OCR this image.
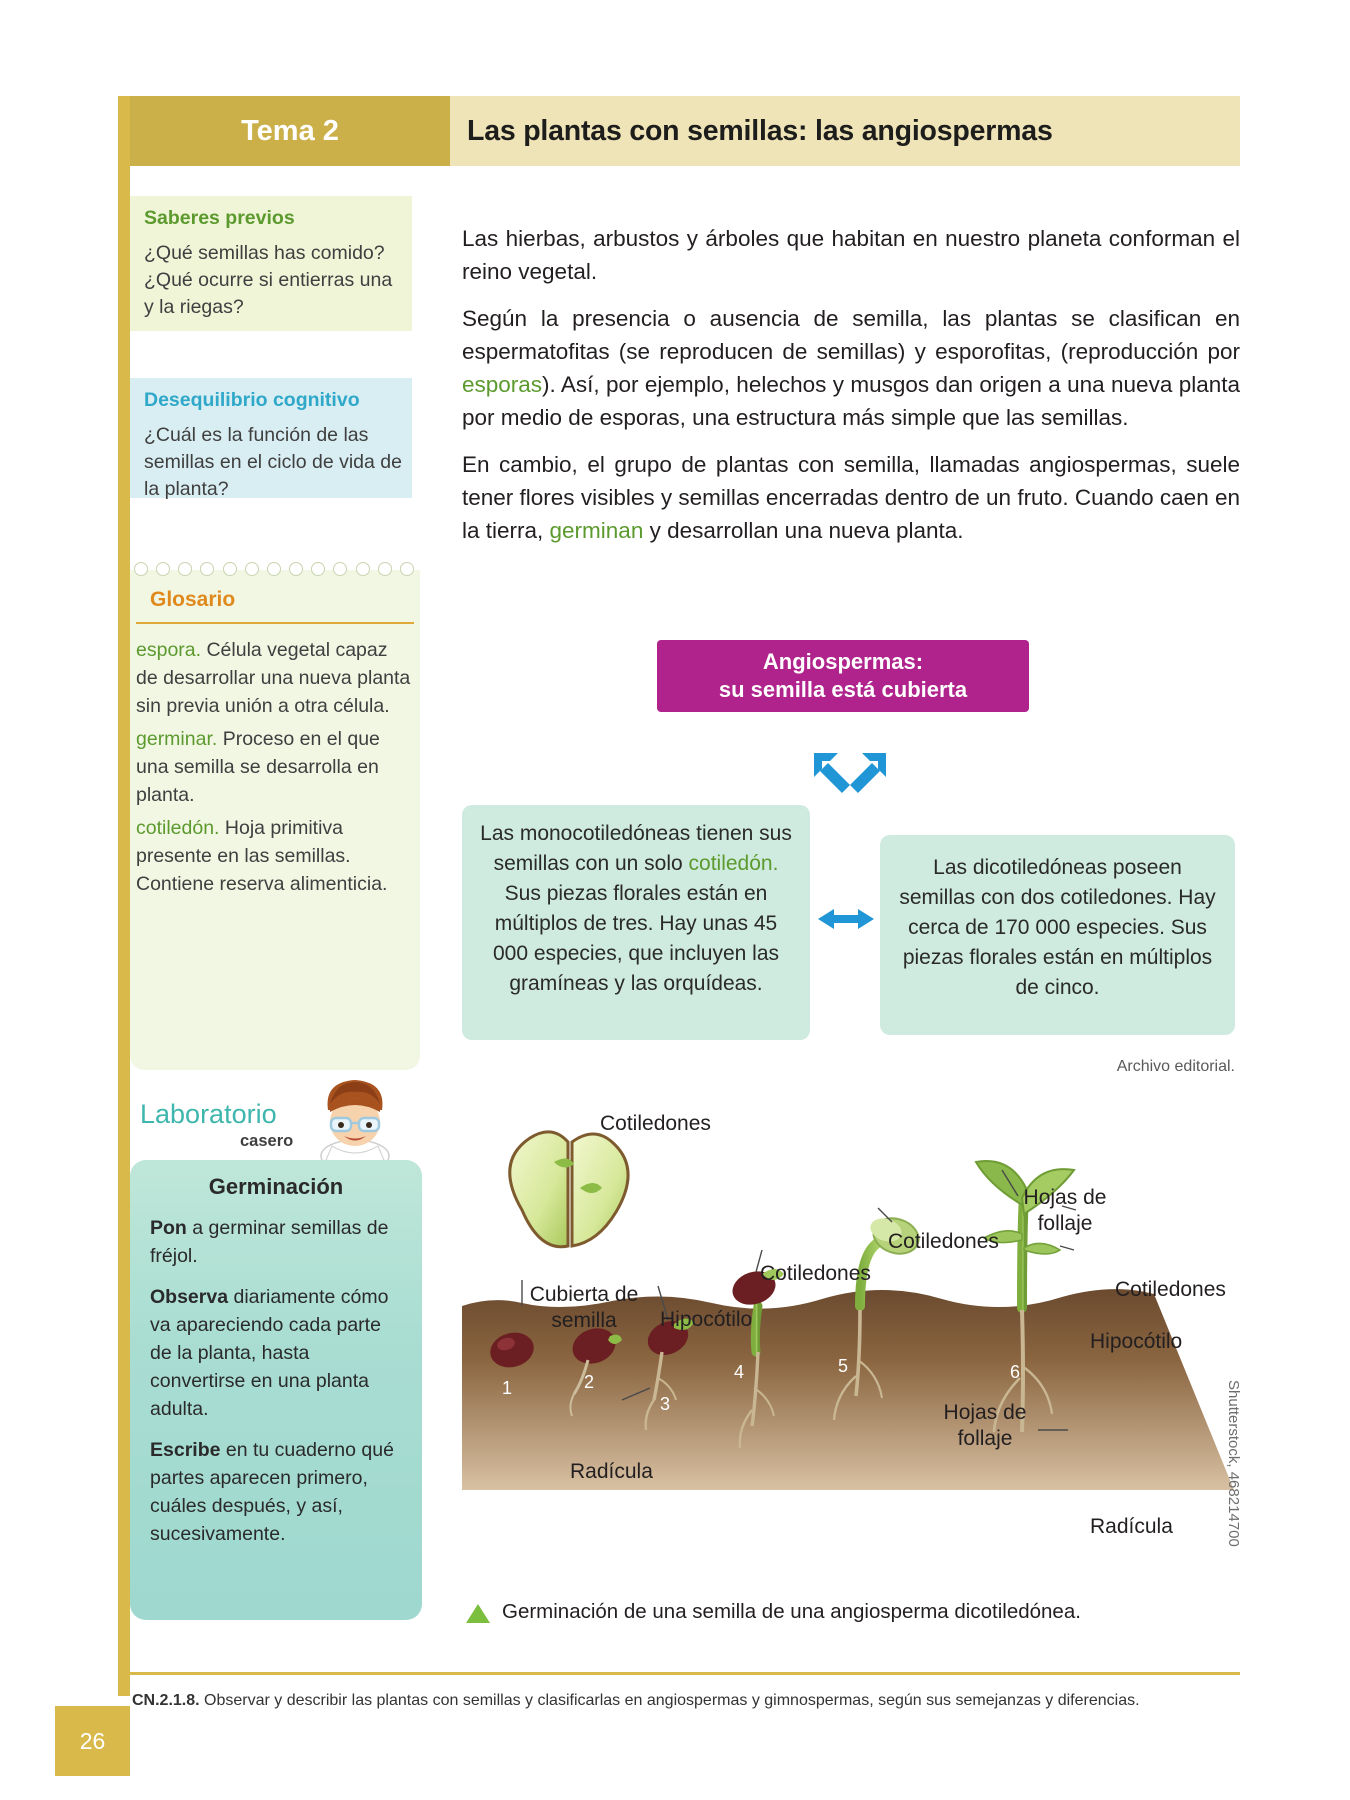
26
Tema 2	Las plantas con semillas: las angiospermas
Saberes previos
¿Qué semillas has comido? ¿Qué ocurre si entierras una y la riegas?
Desequilibrio cognitivo
¿Cuál es la función de las semillas en el ciclo de vida de la planta?
Glosario

espora. Célula vegetal capaz de desarrollar una nueva planta sin previa unión a otra célula.

germinar. Proceso en el que una semilla se desarrolla en planta.

cotiledón. Hoja primitiva presente en las semillas. Contiene reserva alimenticia.

Laboratorio
casero
Germinación

Pon a germinar semillas de fréjol.

Observa diariamente cómo va apareciendo cada parte de la planta, hasta convertirse en una planta adulta.

Escribe en tu cuaderno qué partes aparecen primero, cuáles después, y así, sucesivamente.

Las hierbas, arbustos y árboles que habitan en nuestro planeta conforman el reino vegetal.

Según la presencia o ausencia de semilla, las plantas se clasifican en espermatofitas (se reproducen de semillas) y esporofitas, (reproducción por esporas). Así, por ejemplo, helechos y musgos dan origen a una nueva planta por medio de esporas, una estructura más simple que las semillas.

En cambio, el grupo de plantas con semilla, llamadas angiospermas, suele tener flores visibles y semillas encerradas dentro de un fruto. Cuando caen en la tierra, germinan y desarrollan una nueva planta.

Angiospermas:
su semilla está cubierta
Las monocotiledóneas tienen sus semillas con un solo cotiledón. Sus piezas florales están en múltiplos de tres. Hay unas 45 000 especies, que incluyen las gramíneas y las orquídeas.
Las dicotiledóneas poseen semillas con dos cotiledones. Hay cerca de 170 000 especies. Sus piezas florales están en múltiplos de cinco.
Archivo editorial.
1	2
3
4	5	6
Cotiledones
Cubierta de semilla	Hipocótilo
Cotiledones
Cotiledones
Hojas de follaje
Cotiledones
Hipocótilo
Hojas de follaje
Radícula
Radícula	Shutterstock, 468214700
Germinación de una semilla de una angiosperma dicotiledónea.
CN.2.1.8. Observar y describir las plantas con semillas y clasificarlas en angiospermas y gimnospermas, según sus semejanzas y diferencias.
